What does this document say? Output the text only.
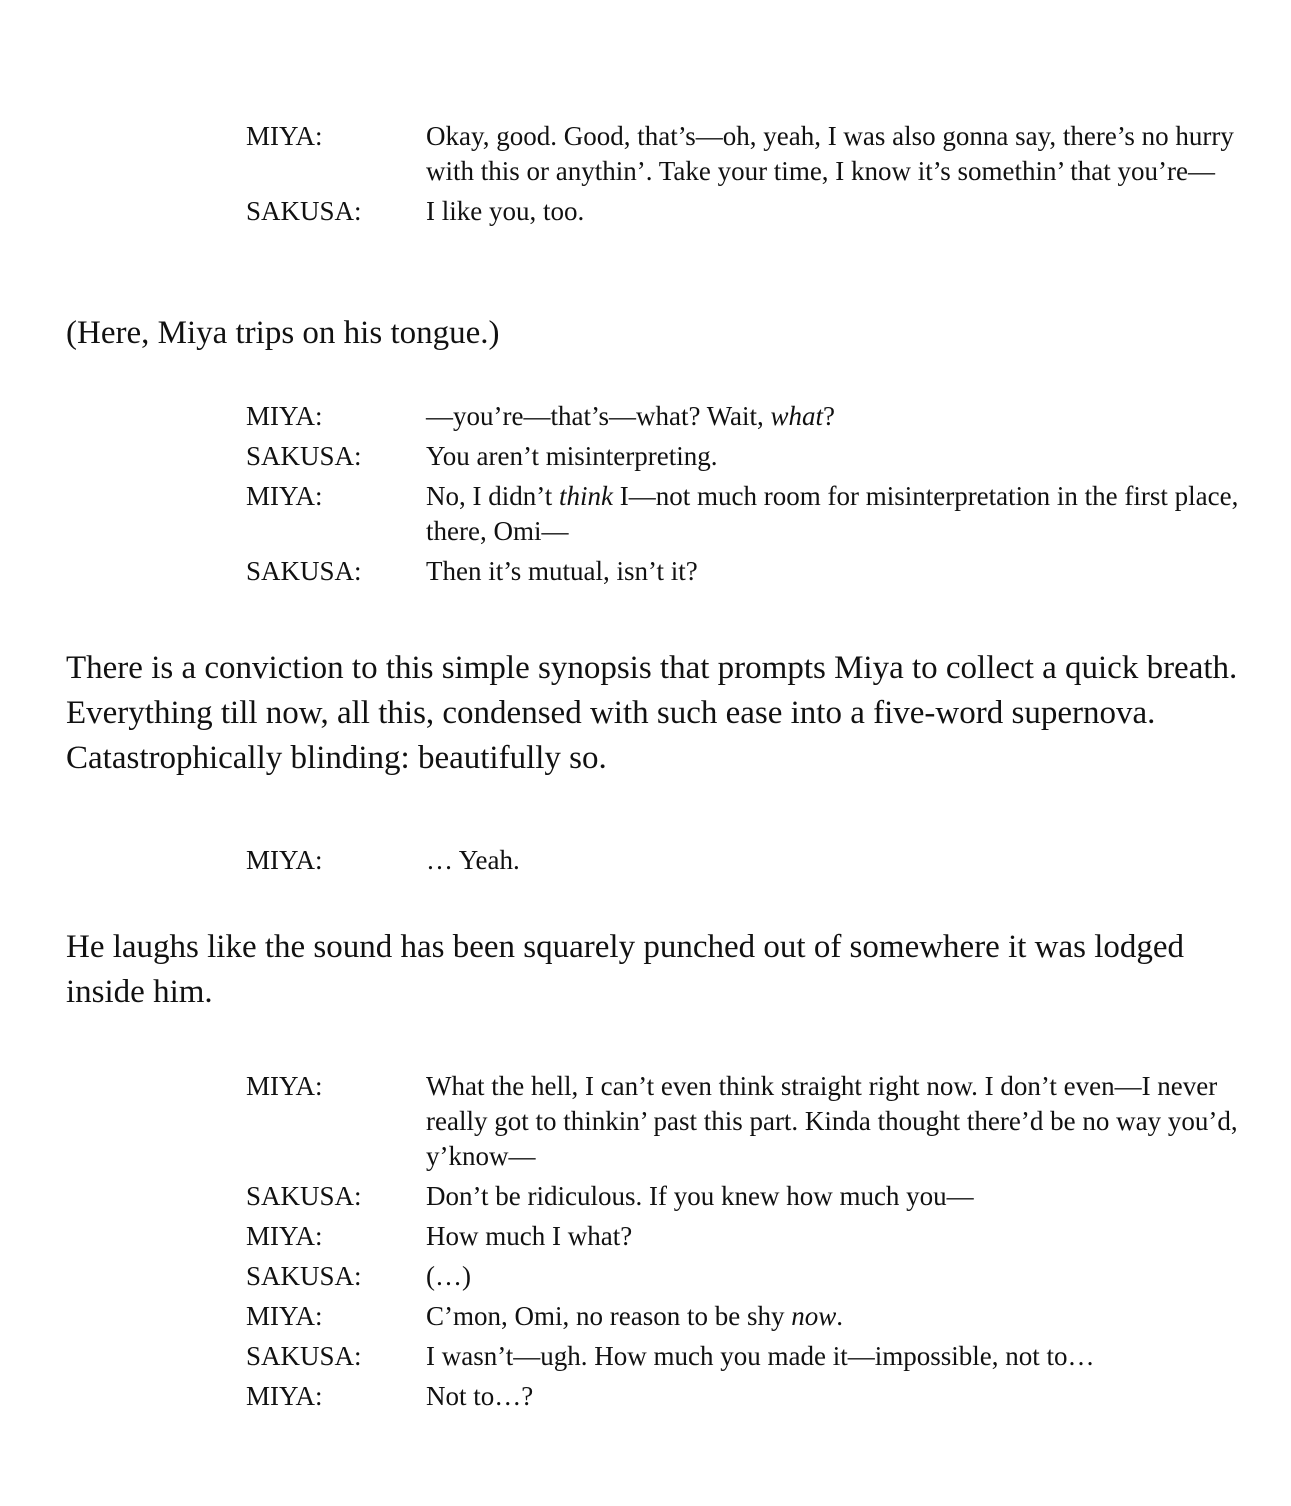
MIYA:	Okay, good. Good, that’s—oh, yeah, I was also gonna say, there’s no hurry with this or anythin’. Take your time, I know it’s somethin’ that you’re—
SAKUSA:	I like you, too.

(Here, Miya trips on his tongue.)

MIYA:	—you’re—that’s—what? Wait, what?
SAKUSA:	You aren’t misinterpreting.
MIYA:	No, I didn’t think I—not much room for misinterpretation in the first place, there, Omi—
SAKUSA:	Then it’s mutual, isn’t it?

There is a conviction to this simple synopsis that prompts Miya to collect a quick breath. Everything till now, all this, condensed with such ease into a five-word supernova. Catastrophically blinding: beautifully so.

MIYA:	… Yeah.

He laughs like the sound has been squarely punched out of somewhere it was lodged inside him.

MIYA:	What the hell, I can’t even think straight right now. I don’t even—I never really got to thinkin’ past this part. Kinda thought there’d be no way you’d, y’know—
SAKUSA:	Don’t be ridiculous. If you knew how much you—
MIYA:	How much I what?
SAKUSA:	(…)
MIYA:	C’mon, Omi, no reason to be shy now.
SAKUSA:	I wasn’t—ugh. How much you made it—impossible, not to…
MIYA:	Not to…?
